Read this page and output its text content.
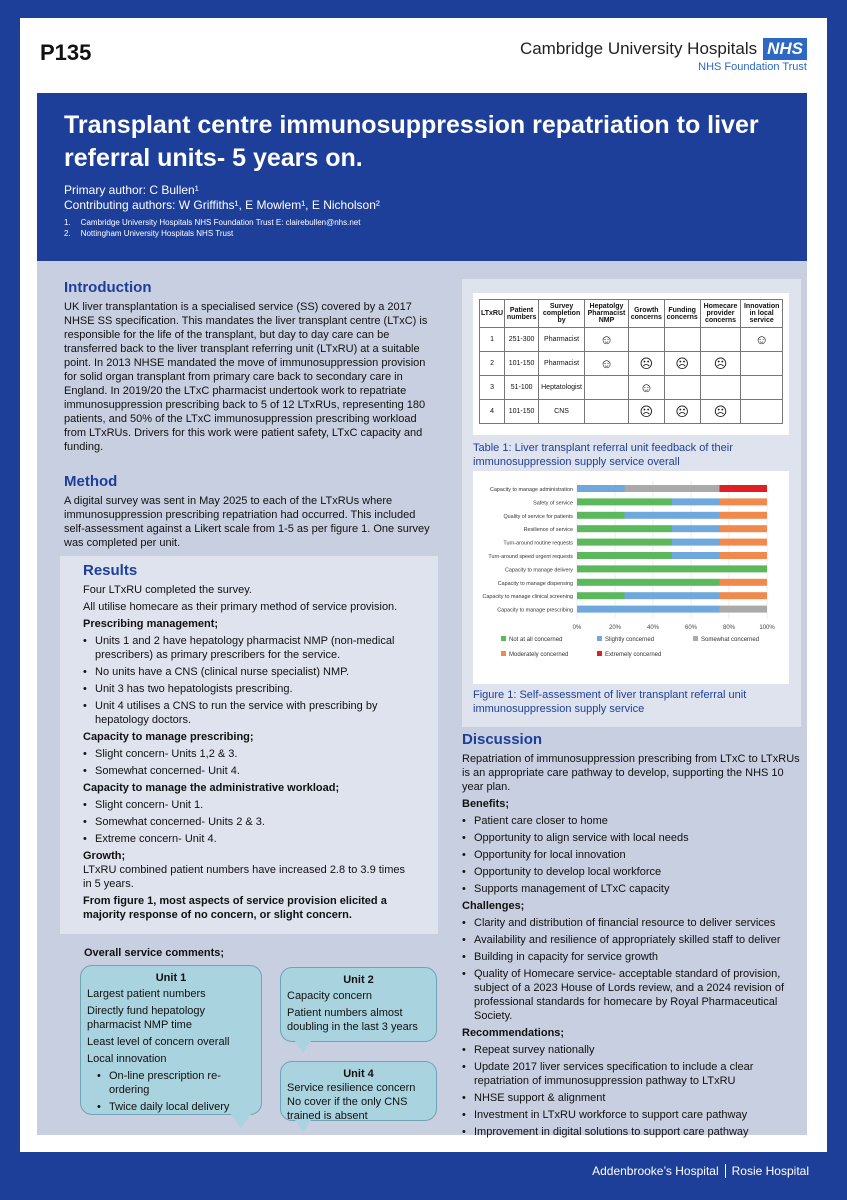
P135	Cambridge University Hospitals NHS
NHS Foundation Trust
Transplant centre immunosuppression repatriation to liver referral units- 5 years on.
Primary author: C Bullen¹
Contributing authors: W Griffiths¹, E Mowlem¹, E Nicholson²
1. Cambridge University Hospitals NHS Foundation Trust E: clairebullen@nhs.net
2. Nottingham University Hospitals NHS Trust
Introduction
UK liver transplantation is a specialised service (SS) covered by a 2017 NHSE SS specification. This mandates the liver transplant centre (LTxC) is responsible for the life of the transplant, but day to day care can be transferred back to the liver transplant referring unit (LTxRU) at a suitable point. In 2013 NHSE mandated the move of immunosuppression provision for solid organ transplant from primary care back to secondary care in England. In 2019/20 the LTxC pharmacist undertook work to repatriate immunosuppression prescribing back to 5 of 12 LTxRUs, representing 180 patients, and 50% of the LTxC immunosuppression prescribing workload from LTxRUs. Drivers for this work were patient safety, LTxC capacity and funding.
Method
A digital survey was sent in May 2025 to each of the LTxRUs where immunosuppression prescribing repatriation had occurred. This included self-assessment against a Likert scale from 1-5 as per figure 1. One survey was completed per unit.
Results
Four LTxRU completed the survey.
All utilise homecare as their primary method of service provision.
Prescribing management;
• Units 1 and 2 have hepatology pharmacist NMP (non-medical prescribers) as primary prescribers for the service.
• No units have a CNS (clinical nurse specialist) NMP.
• Unit 3 has two hepatologists prescribing.
• Unit 4 utilises a CNS to run the service with prescribing by hepatology doctors.
Capacity to manage prescribing;
• Slight concern- Units 1,2 & 3.
• Somewhat concerned- Unit 4.
Capacity to manage the administrative workload;
• Slight concern- Unit 1.
• Somewhat concerned- Units 2 & 3.
• Extreme concern- Unit 4.
Growth;
LTxRU combined patient numbers have increased 2.8 to 3.9 times in 5 years.
From figure 1, most aspects of service provision elicited a majority response of no concern, or slight concern.
Overall service comments;
Unit 1

Largest patient numbers

Directly fund hepatology pharmacist NMP time

Least level of concern overall

Local innovation

• On-line prescription re-ordering
• Twice daily local delivery
Unit 2

Capacity concern

Patient numbers almost doubling in the last 3 years

Unit 4

Service resilience concern

No cover if the only CNS trained is absent

LTxRU	Patient numbers	Survey completion by	Hepatolgy Pharmacist NMP	Growth concerns	Funding concerns	Homecare provider concerns	Innovation in local service
1	251-300	Pharmacist	☺				☺
2	101-150	Pharmacist	☺	☹	☹	☹	
3	51-100	Heptatologist		☺			
4	101-150	CNS		☹	☹	☹	
Table 1: Liver transplant referral unit feedback of their immunosuppression supply service overall
0%	20%	40%	60%	80%	100%
Capacity to manage administration
Safety of service
Quality of service for patients
Resilience of service
Turn-around routine requests
Turn-around speed urgent requests
Capacity to manage delivery
Capacity to manage dispensing
Capacity to manage clinical screening
Capacity to manage prescribing
Not at all concerned	Slightly concerned	Somewhat concerned
Moderately concerned	Extremely concerned
Figure 1: Self-assessment of liver transplant referral unit immunosuppression supply service
Discussion
Repatriation of immunosuppression prescribing from LTxC to LTxRUs is an appropriate care pathway to develop, supporting the NHS 10 year plan.
Benefits;
• Patient care closer to home
• Opportunity to align service with local needs
• Opportunity for local innovation
• Opportunity to develop local workforce
• Supports management of LTxC capacity
Challenges;
• Clarity and distribution of financial resource to deliver services
• Availability and resilience of appropriately skilled staff to deliver
• Building in capacity for service growth
• Quality of Homecare service- acceptable standard of provision, subject of a 2023 House of Lords review, and a 2024 revision of professional standards for homecare by Royal Pharmaceutical Society.
Recommendations;
• Repeat survey nationally
• Update 2017 liver services specification to include a clear repatriation of immunosuppression pathway to LTxRU
• NHSE support & alignment
• Investment in LTxRU workforce to support care pathway
• Improvement in digital solutions to support care pathway
Addenbrooke’s Hospital Rosie Hospital
